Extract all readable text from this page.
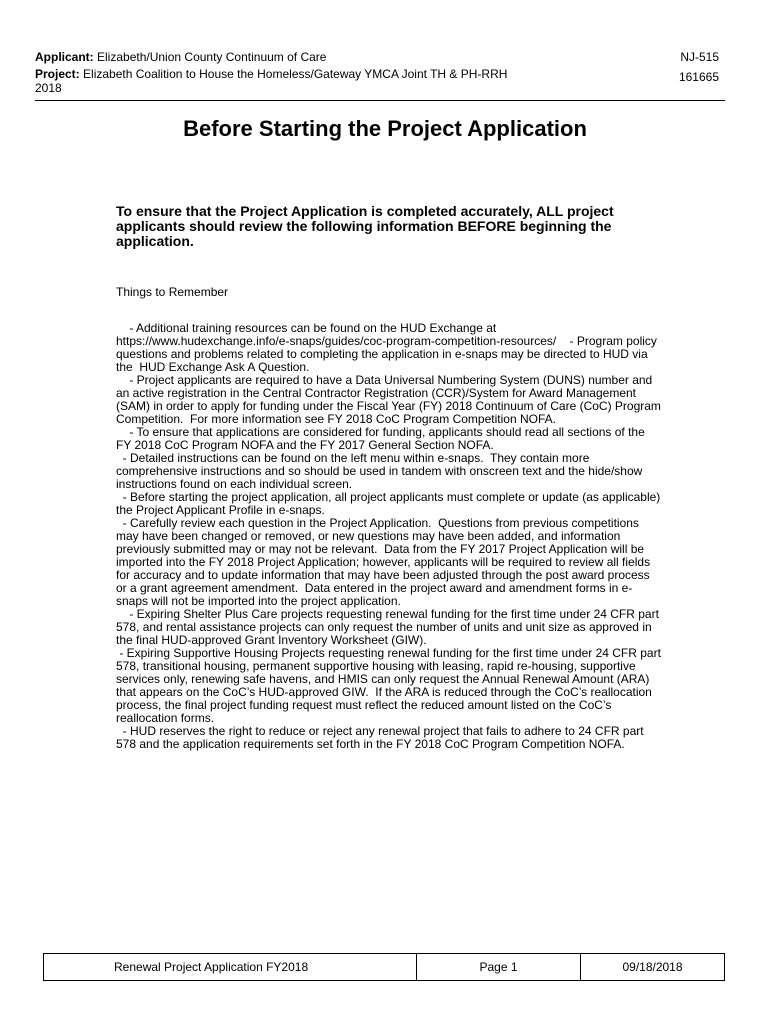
Applicant: Elizabeth/Union County Continuum of Care
Project: Elizabeth Coalition to House the Homeless/Gateway YMCA Joint TH & PH-RRH 2018
NJ-515
161665
Before Starting the Project Application
To ensure that the Project Application is completed accurately, ALL project applicants should review the following information BEFORE beginning the application.
Things to Remember

- Additional training resources can be found on the HUD Exchange at https://www.hudexchange.info/e-snaps/guides/coc-program-competition-resources/    - Program policy questions and problems related to completing the application in e-snaps may be directed to HUD via the  HUD Exchange Ask A Question.

- Project applicants are required to have a Data Universal Numbering System (DUNS) number and an active registration in the Central Contractor Registration (CCR)/System for Award Management (SAM) in order to apply for funding under the Fiscal Year (FY) 2018 Continuum of Care (CoC) Program Competition.  For more information see FY 2018 CoC Program Competition NOFA.

- To ensure that applications are considered for funding, applicants should read all sections of the FY 2018 CoC Program NOFA and the FY 2017 General Section NOFA.

- Detailed instructions can be found on the left menu within e-snaps.  They contain more comprehensive instructions and so should be used in tandem with onscreen text and the hide/show instructions found on each individual screen.

- Before starting the project application, all project applicants must complete or update (as applicable) the Project Applicant Profile in e-snaps.

- Carefully review each question in the Project Application.  Questions from previous competitions may have been changed or removed, or new questions may have been added, and information previously submitted may or may not be relevant.  Data from the FY 2017 Project Application will be imported into the FY 2018 Project Application; however, applicants will be required to review all fields for accuracy and to update information that may have been adjusted through the post award process or a grant agreement amendment.  Data entered in the project award and amendment forms in e-snaps will not be imported into the project application.

- Expiring Shelter Plus Care projects requesting renewal funding for the first time under 24 CFR part 578, and rental assistance projects can only request the number of units and unit size as approved in the final HUD-approved Grant Inventory Worksheet (GIW).

- Expiring Supportive Housing Projects requesting renewal funding for the first time under 24 CFR part 578, transitional housing, permanent supportive housing with leasing, rapid re-housing, supportive services only, renewing safe havens, and HMIS can only request the Annual Renewal Amount (ARA) that appears on the CoC’s HUD-approved GIW.  If the ARA is reduced through the CoC’s reallocation process, the final project funding request must reflect the reduced amount listed on the CoC’s reallocation forms.

- HUD reserves the right to reduce or reject any renewal project that fails to adhere to 24 CFR part 578 and the application requirements set forth in the FY 2018 CoC Program Competition NOFA.

Renewal Project Application FY2018	Page 1	09/18/2018
